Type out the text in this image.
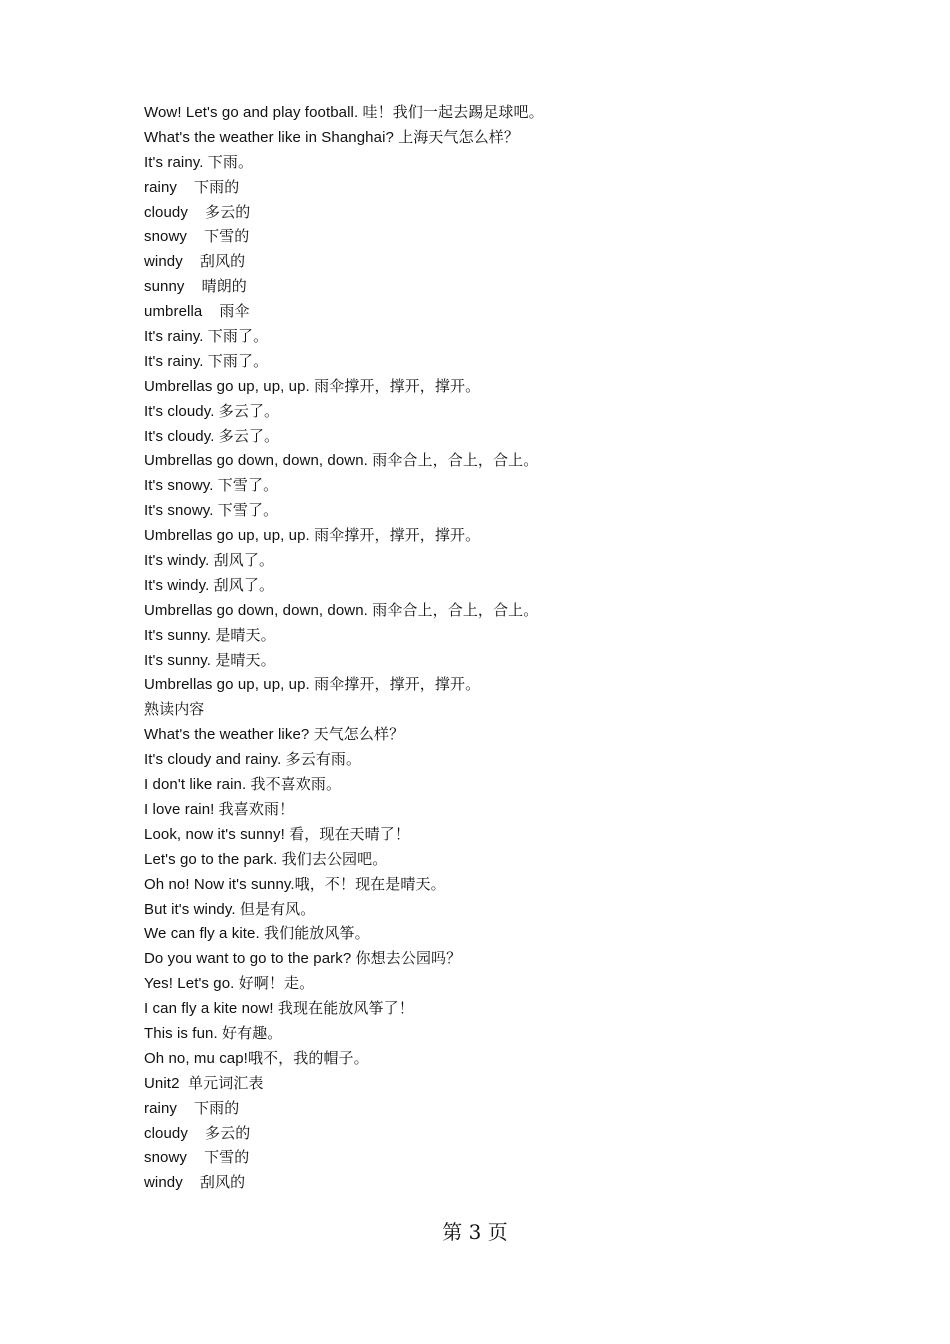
Wow! Let's go and play football. 哇！我们一起去踢足球吧。
What's the weather like in Shanghai? 上海天气怎么样？
It's rainy. 下雨。
rainy    下雨的
cloudy    多云的
snowy    下雪的
windy    刮风的
sunny    晴朗的
umbrella    雨伞
It's rainy. 下雨了。
It's rainy. 下雨了。
Umbrellas go up, up, up. 雨伞撑开，撑开，撑开。
It's cloudy. 多云了。
It's cloudy. 多云了。
Umbrellas go down, down, down. 雨伞合上，合上，合上。
It's snowy. 下雪了。
It's snowy. 下雪了。
Umbrellas go up, up, up. 雨伞撑开，撑开，撑开。
It's windy. 刮风了。
It's windy. 刮风了。
Umbrellas go down, down, down. 雨伞合上，合上，合上。
It's sunny. 是晴天。
It's sunny. 是晴天。
Umbrellas go up, up, up. 雨伞撑开，撑开，撑开。
熟读内容
What's the weather like? 天气怎么样？
It's cloudy and rainy. 多云有雨。
I don't like rain. 我不喜欢雨。
I love rain! 我喜欢雨！
Look, now it's sunny! 看，现在天晴了！
Let's go to the park. 我们去公园吧。
Oh no! Now it's sunny.哦，不！现在是晴天。
But it's windy. 但是有风。
We can fly a kite. 我们能放风筝。
Do you want to go to the park? 你想去公园吗？
Yes! Let's go. 好啊！走。
I can fly a kite now! 我现在能放风筝了！
This is fun. 好有趣。
Oh no, mu cap!哦不，我的帽子。
Unit2  单元词汇表
rainy    下雨的
cloudy    多云的
snowy    下雪的
windy    刮风的
第 3 页
